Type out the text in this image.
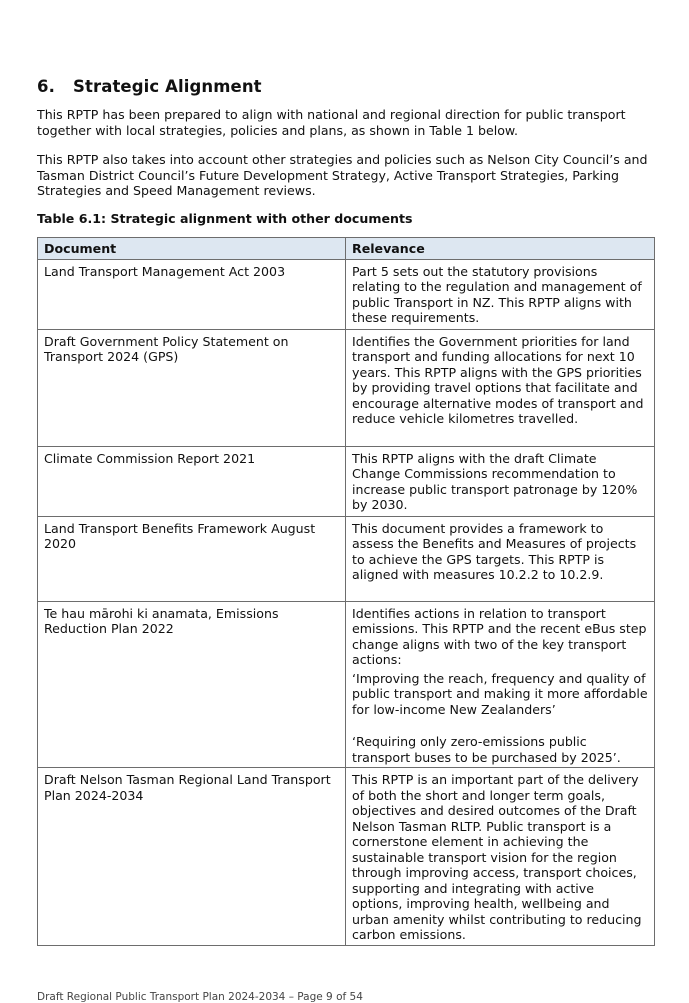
6. Strategic Alignment

This RPTP has been prepared to align with national and regional direction for public transport together with local strategies, policies and plans, as shown in Table 1 below.

This RPTP also takes into account other strategies and policies such as Nelson City Council’s and Tasman District Council’s Future Development Strategy, Active Transport Strategies, Parking Strategies and Speed Management reviews.

Table 6.1: Strategic alignment with other documents

Document	Relevance
Land Transport Management Act 2003	Part 5 sets out the statutory provisions relating to the regulation and management of public Transport in NZ. This RPTP aligns with these requirements.

Draft Government Policy Statement on Transport 2024 (GPS)	Identifies the Government priorities for land transport and funding allocations for next 10 years. This RPTP aligns with the GPS priorities by providing travel options that facilitate and encourage alternative modes of transport and reduce vehicle kilometres travelled.

Climate Commission Report 2021	This RPTP aligns with the draft Climate Change Commissions recommendation to increase public transport patronage by 120% by 2030.

Land Transport Benefits Framework August 2020	This document provides a framework to assess the Benefits and Measures of projects to achieve the GPS targets. This RPTP is aligned with measures 10.2.2 to 10.2.9.

Te hau mārohi ki anamata, Emissions Reduction Plan 2022	Identifies actions in relation to transport emissions. This RPTP and the recent eBus step change aligns with two of the key transport actions:

‘Improving the reach, frequency and quality of public transport and making it more affordable for low-income New Zealanders’

‘Requiring only zero-emissions public transport buses to be purchased by 2025’.

Draft Nelson Tasman Regional Land Transport Plan 2024-2034	This RPTP is an important part of the delivery of both the short and longer term goals, objectives and desired outcomes of the Draft Nelson Tasman RLTP. Public transport is a cornerstone element in achieving the sustainable transport vision for the region through improving access, transport choices, supporting and integrating with active options, improving health, wellbeing and urban amenity whilst contributing to reducing carbon emissions.

Draft Regional Public Transport Plan 2024-2034 – Page 9 of 54
